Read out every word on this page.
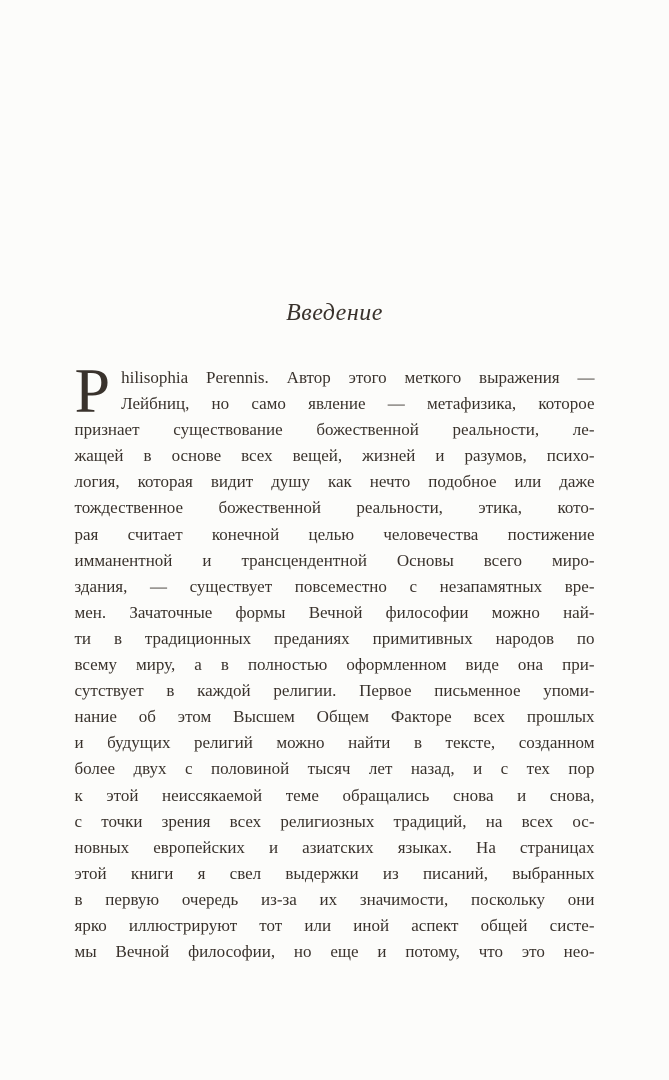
Введение
P hilisophia Perennis. Автор этого меткого выражения —
Лейбниц, но само явление — метафизика, которое
признает существование божественной реальности, ле-
жащей в основе всех вещей, жизней и разумов, психо-
логия, которая видит душу как нечто подобное или даже
тождественное божественной реальности, этика, кото-
рая считает конечной целью человечества постижение
имманентной и трансцендентной Основы всего миро-
здания, — существует повсеместно с незапамятных вре-
мен. Зачаточные формы Вечной философии можно най-
ти в традиционных преданиях примитивных народов по
всему миру, а в полностью оформленном виде она при-
сутствует в каждой религии. Первое письменное упоми-
нание об этом Высшем Общем Факторе всех прошлых
и будущих религий можно найти в тексте, созданном
более двух с половиной тысяч лет назад, и с тех пор
к этой неиссякаемой теме обращались снова и снова,
с точки зрения всех религиозных традиций, на всех ос-
новных европейских и азиатских языках. На страницах
этой книги я свел выдержки из писаний, выбранных
в первую очередь из-за их значимости, поскольку они
ярко иллюстрируют тот или иной аспект общей систе-
мы Вечной философии, но еще и потому, что это нео-
